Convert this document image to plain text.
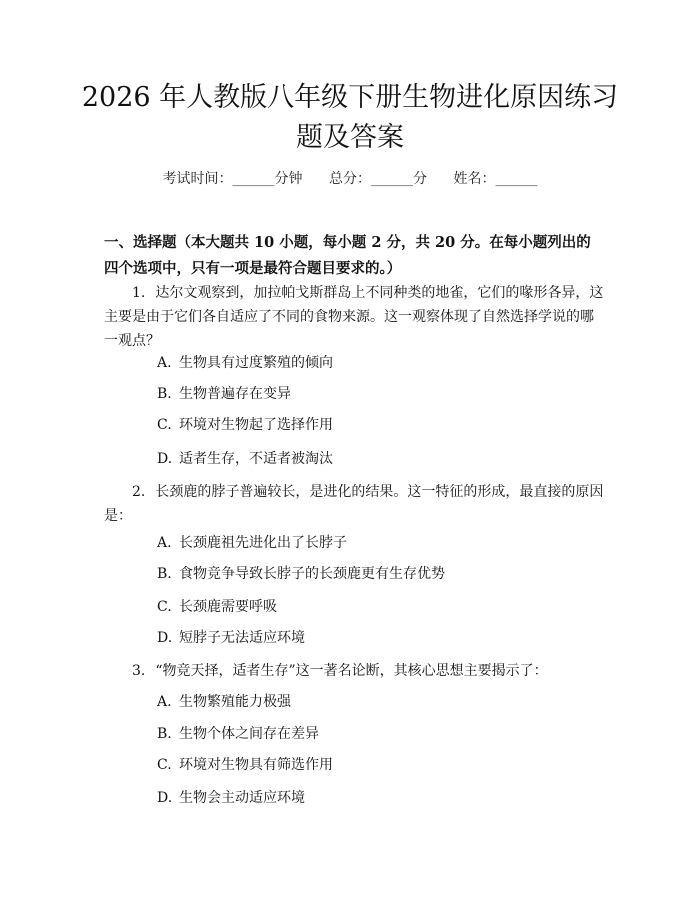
2026 年人教版八年级下册生物进化原因练习
题及答案
考试时间：______分钟 总分：______分 姓名：______

一、选择题（本大题共 10 小题，每小题 2 分，共 20 分。在每小题列出的四个选项中，只有一项是最符合题目要求的。）

1. 达尔文观察到，加拉帕戈斯群岛上不同种类的地雀，它们的喙形各异，这主要是由于它们各自适应了不同的食物来源。这一观察体现了自然选择学说的哪一观点？

A. 生物具有过度繁殖的倾向

B. 生物普遍存在变异

C. 环境对生物起了选择作用

D. 适者生存，不适者被淘汰

2. 长颈鹿的脖子普遍较长，是进化的结果。这一特征的形成，最直接的原因是：

A. 长颈鹿祖先进化出了长脖子

B. 食物竞争导致长脖子的长颈鹿更有生存优势

C. 长颈鹿需要呼吸

D. 短脖子无法适应环境

3. “物竞天择，适者生存”这一著名论断，其核心思想主要揭示了：

A. 生物繁殖能力极强

B. 生物个体之间存在差异

C. 环境对生物具有筛选作用

D. 生物会主动适应环境
